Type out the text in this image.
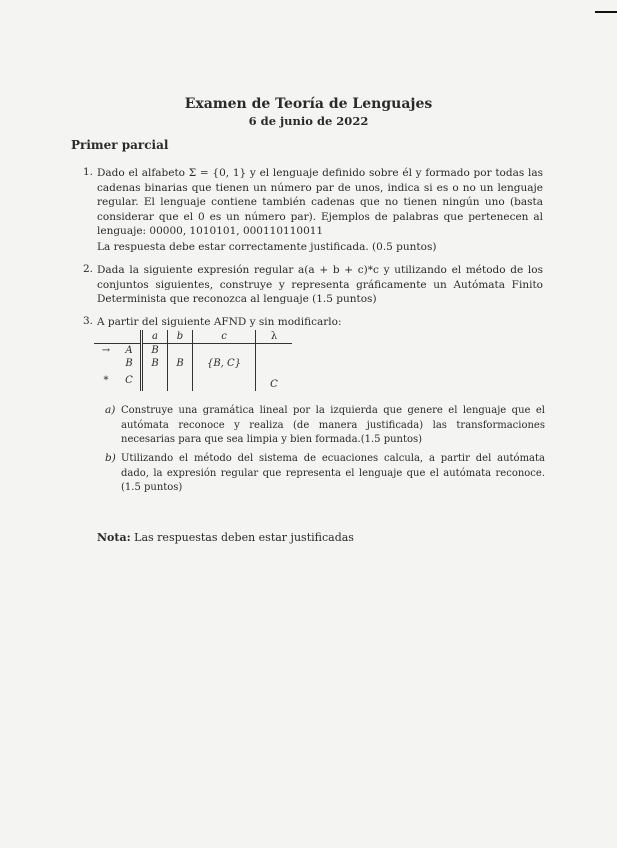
Examen de Teoría de Lenguajes
6 de junio de 2022
Primer parcial
1. Dado el alfabeto Σ = {0, 1} y el lenguaje definido sobre él y formado por todas las cadenas binarias que tienen un número par de unos, indica si es o no un lenguaje regular. El lenguaje contiene también cadenas que no tienen ningún uno (basta considerar que el 0 es un número par). Ejemplos de palabras que pertenecen al lenguaje: 00000, 1010101, 000110110011
La respuesta debe estar correctamente justificada. (0.5 puntos)
2. Dada la siguiente expresión regular a(a + b + c)*c y utilizando el método de los conjuntos siguientes, construye y representa gráficamente un Autómata Finito Determinista que reconozca al lenguaje (1.5 puntos)
3. A partir del siguiente AFND y sin modificarlo:
		a	b	c	λ
→	A	B			
	B	B	B	{B, C}	
*	C				C
a) Construye una gramática lineal por la izquierda que genere el lenguaje que el autómata reconoce y realiza (de manera justificada) las transformaciones necesarias para que sea limpia y bien formada.(1.5 puntos)
b) Utilizando el método del sistema de ecuaciones calcula, a partir del autómata dado, la expresión regular que representa el lenguaje que el autómata reconoce. (1.5 puntos)
Nota: Las respuestas deben estar justificadas
